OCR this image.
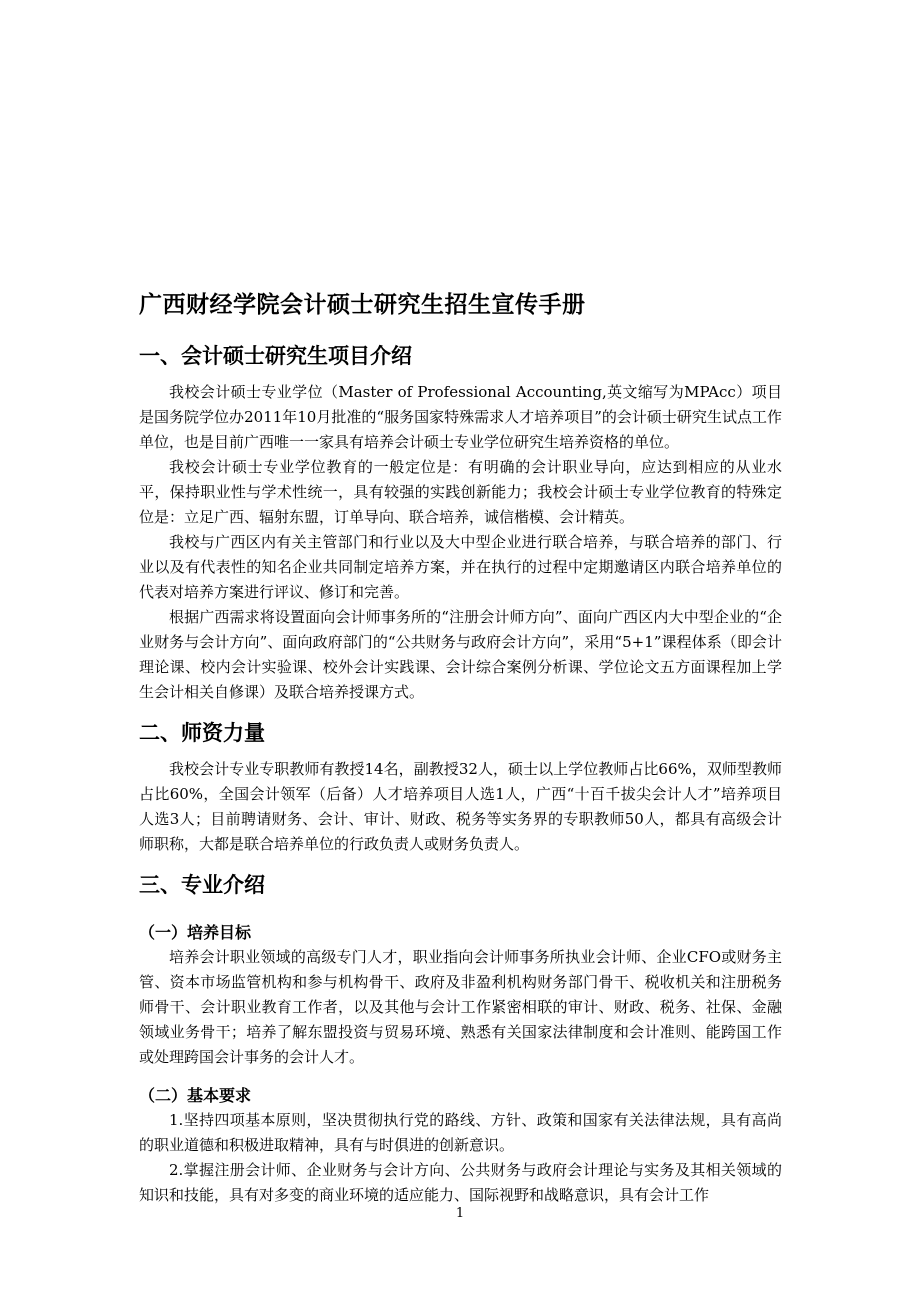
广西财经学院会计硕士研究生招生宣传手册
一、会计硕士研究生项目介绍

我校会计硕士专业学位（Master of Professional Accounting,英文缩写为MPAcc）项目是国务院学位办2011年10月批准的“服务国家特殊需求人才培养项目”的会计硕士研究生试点工作单位，也是目前广西唯一一家具有培养会计硕士专业学位研究生培养资格的单位。

我校会计硕士专业学位教育的一般定位是：有明确的会计职业导向，应达到相应的从业水平，保持职业性与学术性统一，具有较强的实践创新能力；我校会计硕士专业学位教育的特殊定位是：立足广西、辐射东盟，订单导向、联合培养，诚信楷模、会计精英。

我校与广西区内有关主管部门和行业以及大中型企业进行联合培养，与联合培养的部门、行业以及有代表性的知名企业共同制定培养方案，并在执行的过程中定期邀请区内联合培养单位的代表对培养方案进行评议、修订和完善。

根据广西需求将设置面向会计师事务所的“注册会计师方向”、面向广西区内大中型企业的“企业财务与会计方向”、面向政府部门的“公共财务与政府会计方向”，采用“5+1”课程体系（即会计理论课、校内会计实验课、校外会计实践课、会计综合案例分析课、学位论文五方面课程加上学生会计相关自修课）及联合培养授课方式。

二、师资力量

我校会计专业专职教师有教授14名，副教授32人，硕士以上学位教师占比66%，双师型教师占比60%，全国会计领军（后备）人才培养项目人选1人，广西“十百千拔尖会计人才”培养项目人选3人；目前聘请财务、会计、审计、财政、税务等实务界的专职教师50人，都具有高级会计师职称，大都是联合培养单位的行政负责人或财务负责人。

三、专业介绍
（一）培养目标

培养会计职业领域的高级专门人才，职业指向会计师事务所执业会计师、企业CFO或财务主管、资本市场监管机构和参与机构骨干、政府及非盈利机构财务部门骨干、税收机关和注册税务师骨干、会计职业教育工作者，以及其他与会计工作紧密相联的审计、财政、税务、社保、金融领域业务骨干；培养了解东盟投资与贸易环境、熟悉有关国家法律制度和会计准则、能跨国工作或处理跨国会计事务的会计人才。

（二）基本要求

1.坚持四项基本原则，坚决贯彻执行党的路线、方针、政策和国家有关法律法规，具有高尚的职业道德和积极进取精神，具有与时俱进的创新意识。

2.掌握注册会计师、企业财务与会计方向、公共财务与政府会计理论与实务及其相关领域的知识和技能，具有对多变的商业环境的适应能力、国际视野和战略意识，具有会计工作

1
